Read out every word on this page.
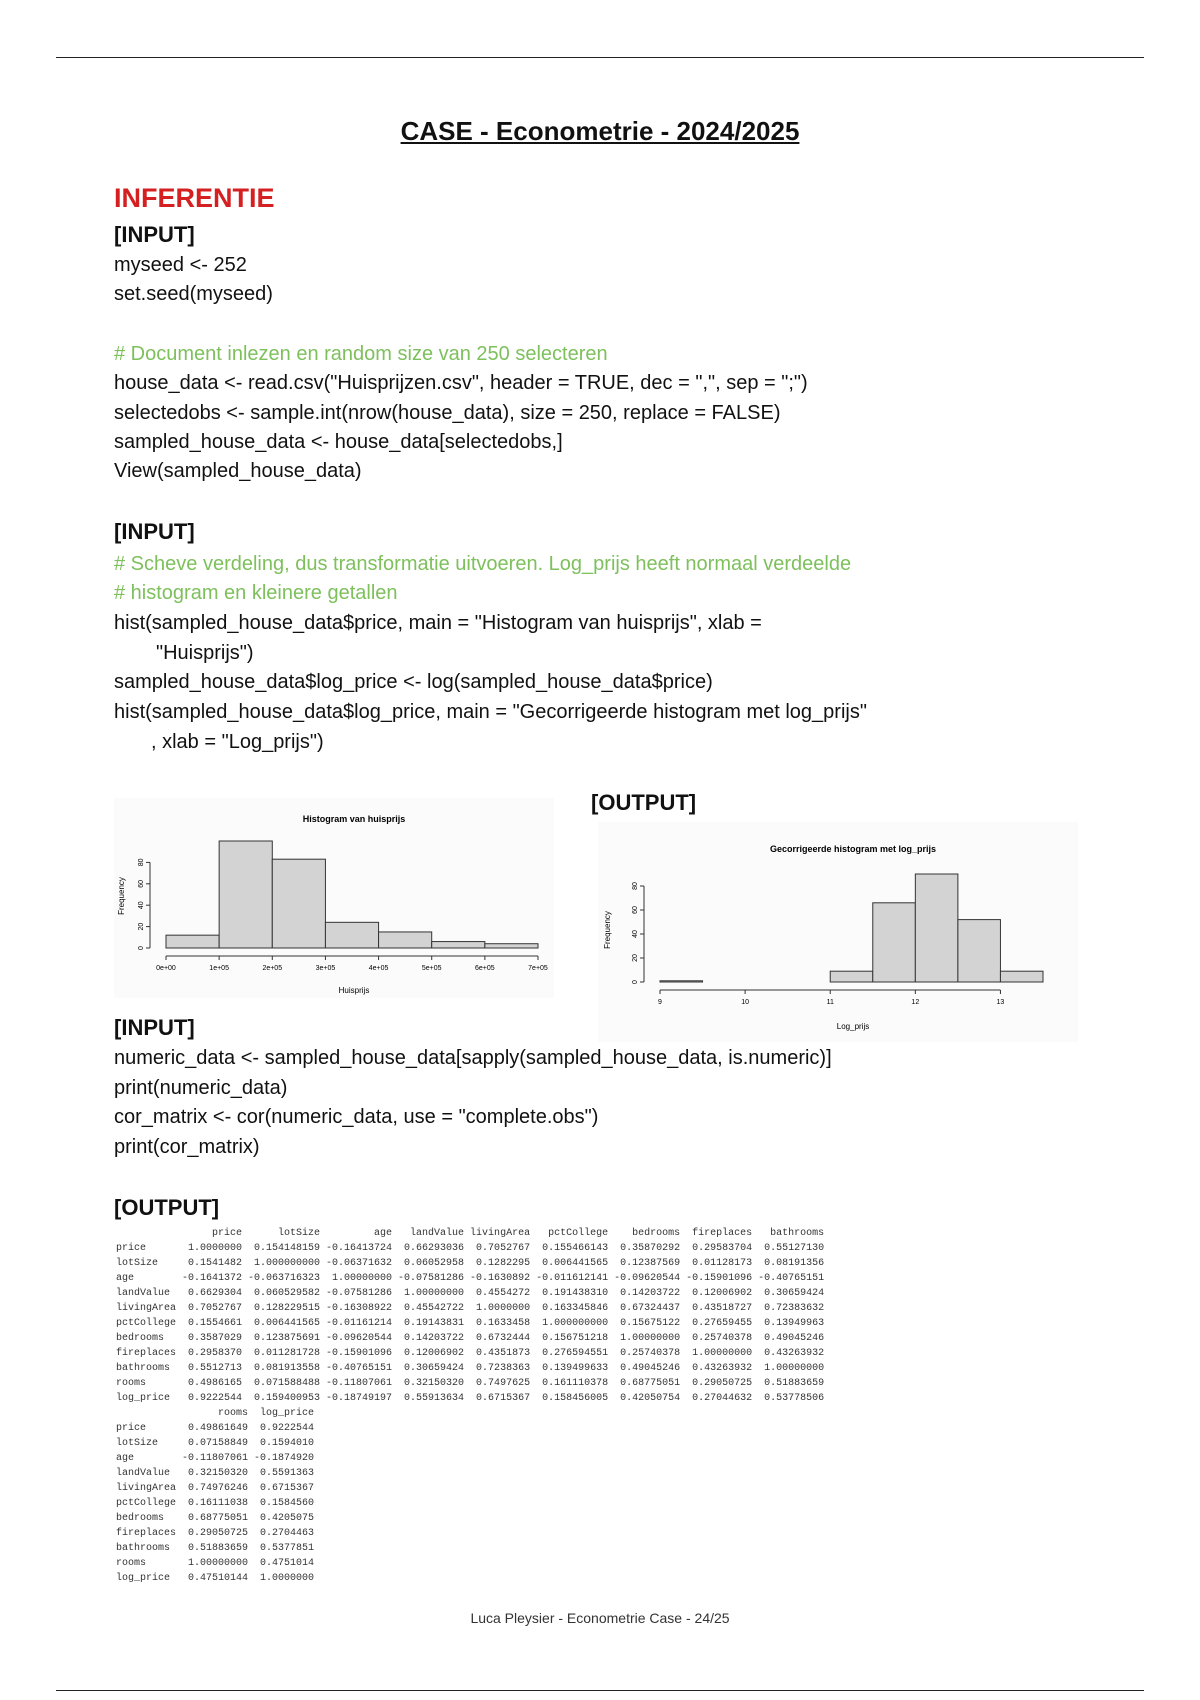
CASE - Econometrie - 2024/2025
INFERENTIE
[INPUT]
myseed <- 252
set.seed(myseed)
# Document inlezen en random size van 250 selecteren
house_data <- read.csv("Huisprijzen.csv", header = TRUE, dec = ",", sep = ";")
selectedobs <- sample.int(nrow(house_data), size = 250, replace = FALSE)
sampled_house_data <- house_data[selectedobs,]
View(sampled_house_data)
[INPUT]
# Scheve verdeling, dus transformatie uitvoeren. Log_prijs heeft normaal verdeelde
# histogram en kleinere getallen
hist(sampled_house_data$price, main = "Histogram van huisprijs", xlab =
"Huisprijs")
sampled_house_data$log_price <- log(sampled_house_data$price)
hist(sampled_house_data$log_price, main = "Gecorrigeerde histogram met log_prijs"
, xlab = "Log_prijs")
[OUTPUT]
Histogram van huisprijs
0e+00	1e+05	2e+05	3e+05	4e+05	5e+05	6e+05	7e+05
0
20
40
60
80
Huisprijs
Frequency
Gecorrigeerde histogram met log_prijs
9	10	11	12	13
0
20
40
60
80
Log_prijs
Frequency
[INPUT]
numeric_data <- sampled_house_data[sapply(sampled_house_data, is.numeric)]
print(numeric_data)
cor_matrix <- cor(numeric_data, use = "complete.obs")
print(cor_matrix)
[OUTPUT]
price      lotSize         age   landValue livingArea   pctCollege    bedrooms  fireplaces   bathrooms
price       1.0000000  0.154148159 -0.16413724  0.66293036  0.7052767  0.155466143  0.35870292  0.29583704  0.55127130
lotSize     0.1541482  1.000000000 -0.06371632  0.06052958  0.1282295  0.006441565  0.12387569  0.01128173  0.08191356
age        -0.1641372 -0.063716323  1.00000000 -0.07581286 -0.1630892 -0.011612141 -0.09620544 -0.15901096 -0.40765151
landValue   0.6629304  0.060529582 -0.07581286  1.00000000  0.4554272  0.191438310  0.14203722  0.12006902  0.30659424
livingArea  0.7052767  0.128229515 -0.16308922  0.45542722  1.0000000  0.163345846  0.67324437  0.43518727  0.72383632
pctCollege  0.1554661  0.006441565 -0.01161214  0.19143831  0.1633458  1.000000000  0.15675122  0.27659455  0.13949963
bedrooms    0.3587029  0.123875691 -0.09620544  0.14203722  0.6732444  0.156751218  1.00000000  0.25740378  0.49045246
fireplaces  0.2958370  0.011281728 -0.15901096  0.12006902  0.4351873  0.276594551  0.25740378  1.00000000  0.43263932
bathrooms   0.5512713  0.081913558 -0.40765151  0.30659424  0.7238363  0.139499633  0.49045246  0.43263932  1.00000000
rooms       0.4986165  0.071588488 -0.11807061  0.32150320  0.7497625  0.161110378  0.68775051  0.29050725  0.51883659
log_price   0.9222544  0.159400953 -0.18749197  0.55913634  0.6715367  0.158456005  0.42050754  0.27044632  0.53778506
rooms  log_price
price       0.49861649  0.9222544
lotSize     0.07158849  0.1594010
age        -0.11807061 -0.1874920
landValue   0.32150320  0.5591363
livingArea  0.74976246  0.6715367
pctCollege  0.16111038  0.1584560
bedrooms    0.68775051  0.4205075
fireplaces  0.29050725  0.2704463
bathrooms   0.51883659  0.5377851
rooms       1.00000000  0.4751014
log_price   0.47510144  1.0000000
Luca Pleysier - Econometrie Case - 24/25
